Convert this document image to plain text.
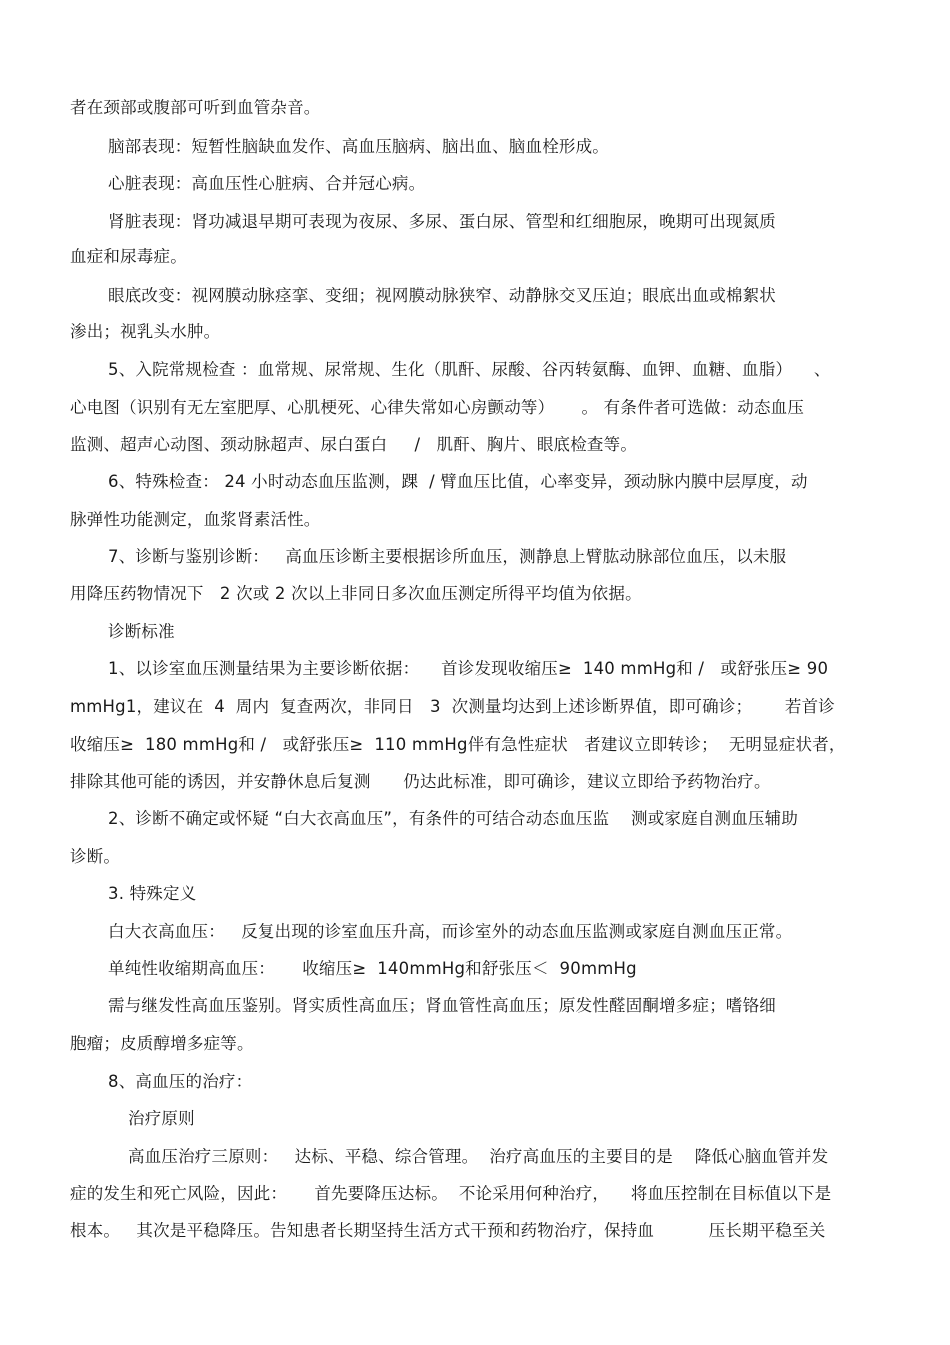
者在颈部或腹部可听到血管杂音。
脑部表现：短暂性脑缺血发作、高血压脑病、脑出血、脑血栓形成。
心脏表现：高血压性心脏病、合并冠心病。
肾脏表现：肾功减退早期可表现为夜尿、多尿、蛋白尿、管型和红细胞尿，晚期可出现氮质
血症和尿毒症。
眼底改变：视网膜动脉痉挛、变细；视网膜动脉狭窄、动静脉交叉压迫；眼底出血或棉絮状
渗出；视乳头水肿。
5、入院常规检查 ：血常规、尿常规、生化（肌酐、尿酸、谷丙转氨酶、血钾、血糖、血脂）    、
心电图（识别有无左室肥厚、心肌梗死、心律失常如心房颤动等）     。 有条件者可选做：动态血压
监测、超声心动图、颈动脉超声、尿白蛋白     /   肌酐、胸片、眼底检查等。
6、特殊检查： 24 小时动态血压监测，踝  / 臂血压比值，心率变异，颈动脉内膜中层厚度，动
脉弹性功能测定，血浆肾素活性。
7、诊断与鉴别诊断：   高血压诊断主要根据诊所血压，测静息上臂肱动脉部位血压，以未服
用降压药物情况下   2 次或 2 次以上非同日多次血压测定所得平均值为依据。
诊断标准
1、以诊室血压测量结果为主要诊断依据：    首诊发现收缩压≥  140 mmHg和 /   或舒张压≥ 90
mmHg1，建议在  4  周内  复查两次，非同日   3  次测量均达到上述诊断界值，即可确诊；      若首诊
收缩压≥  180 mmHg和 /   或舒张压≥  110 mmHg伴有急性症状   者建议立即转诊；  无明显症状者，
排除其他可能的诱因，并安静休息后复测      仍达此标准，即可确诊，建议立即给予药物治疗。
2、诊断不确定或怀疑 “白大衣高血压”，有条件的可结合动态血压监    测或家庭自测血压辅助
诊断。
3. 特殊定义
白大衣高血压：   反复出现的诊室血压升高，而诊室外的动态血压监测或家庭自测血压正常。
单纯性收缩期高血压：     收缩压≥  140mmHg和舒张压＜  90mmHg
需与继发性高血压鉴别。肾实质性高血压；肾血管性高血压；原发性醛固酮增多症；嗜铬细
胞瘤；皮质醇增多症等。
8、高血压的治疗：
治疗原则
高血压治疗三原则：   达标、平稳、综合管理。  治疗高血压的主要目的是    降低心脑血管并发
症的发生和死亡风险，因此：     首先要降压达标。  不论采用何种治疗，    将血压控制在目标值以下是
根本。   其次是平稳降压。告知患者长期坚持生活方式干预和药物治疗，保持血          压长期平稳至关
